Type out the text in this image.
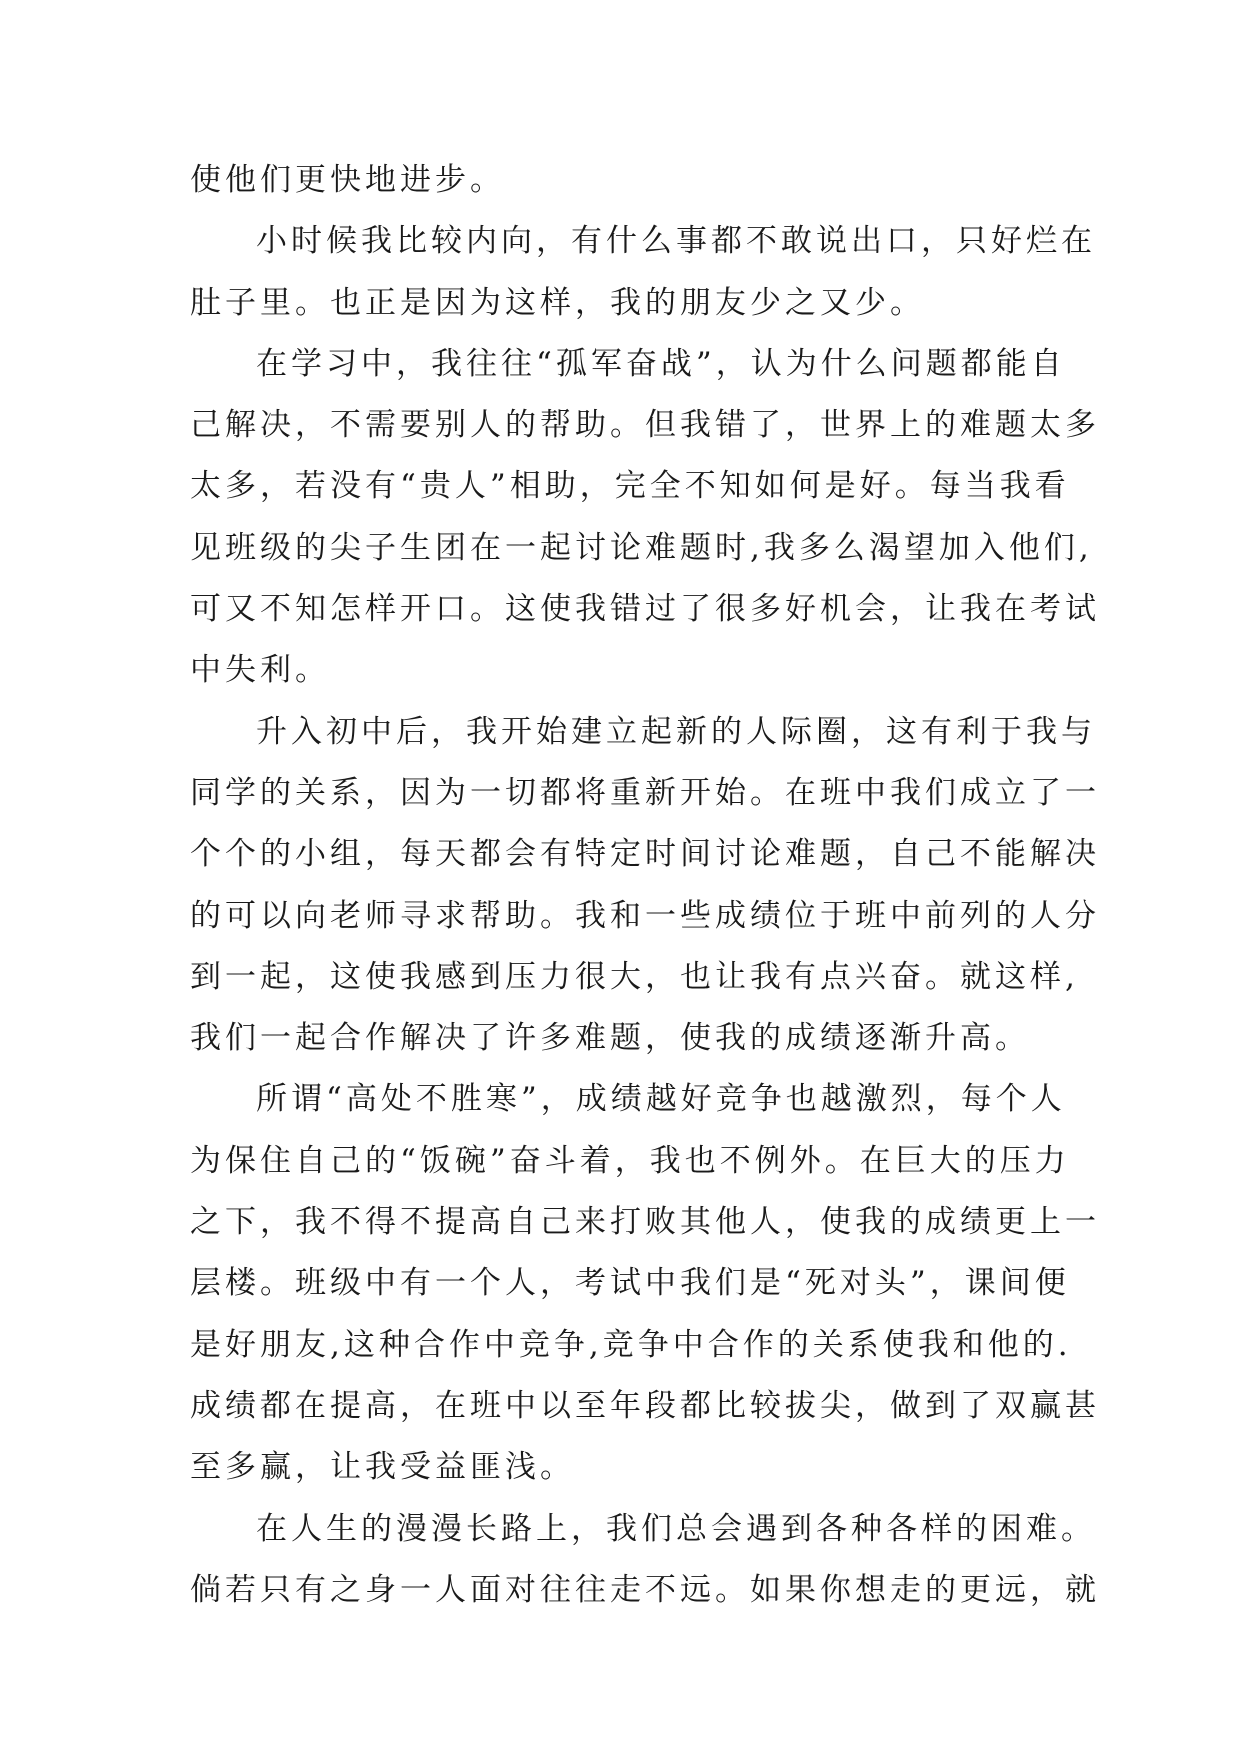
使他们更快地进步。
小时候我比较内向，有什么事都不敢说出口，只好烂在
肚子里。也正是因为这样，我的朋友少之又少。
在学习中，我往往“孤军奋战”，认为什么问题都能自
己解决，不需要别人的帮助。但我错了，世界上的难题太多
太多，若没有“贵人”相助，完全不知如何是好。每当我看
见班级的尖子生团在一起讨论难题时,我多么渴望加入他们,
可又不知怎样开口。这使我错过了很多好机会，让我在考试
中失利。
升入初中后，我开始建立起新的人际圈，这有利于我与
同学的关系，因为一切都将重新开始。在班中我们成立了一
个个的小组，每天都会有特定时间讨论难题，自己不能解决
的可以向老师寻求帮助。我和一些成绩位于班中前列的人分
到一起，这使我感到压力很大，也让我有点兴奋。就这样,
我们一起合作解决了许多难题，使我的成绩逐渐升高。
所谓“高处不胜寒”，成绩越好竞争也越激烈，每个人
为保住自己的“饭碗”奋斗着，我也不例外。在巨大的压力
之下，我不得不提高自己来打败其他人，使我的成绩更上一
层楼。班级中有一个人，考试中我们是“死对头”，课间便
是好朋友,这种合作中竞争,竞争中合作的关系使我和他的.
成绩都在提高，在班中以至年段都比较拔尖，做到了双赢甚
至多赢，让我受益匪浅。
在人生的漫漫长路上，我们总会遇到各种各样的困难。
倘若只有之身一人面对往往走不远。如果你想走的更远，就
